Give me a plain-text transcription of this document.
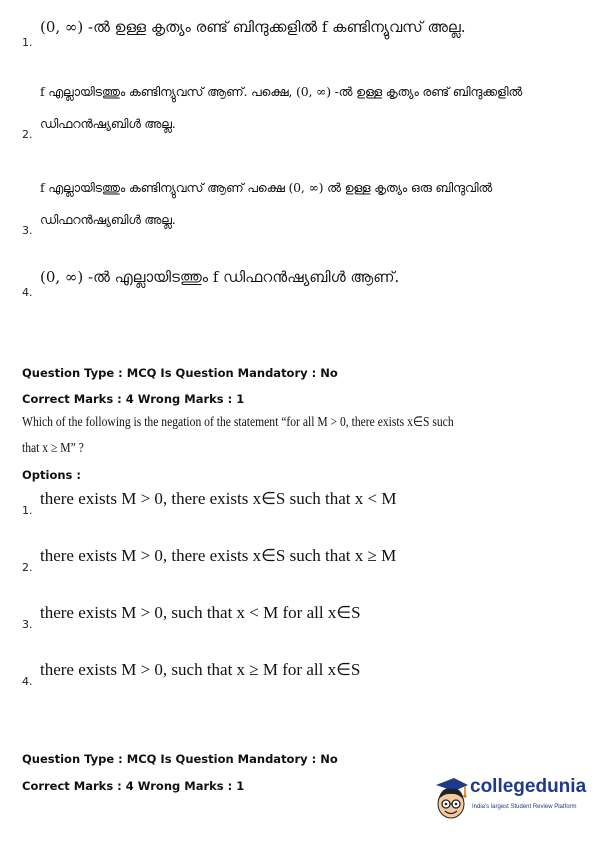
1.
(0, ∞) -ൽ ഉള്ള കൃത്യം രണ്ട് ബിന്ദുക്കളിൽ f കണ്ടിന്യുവസ് അല്ല.
f എല്ലായിടത്തും കണ്ടിന്യുവസ് ആണ്. പക്ഷെ, (0, ∞) -ൽ ഉള്ള കൃത്യം രണ്ട് ബിന്ദുക്കളിൽ
2.
ഡിഫറൻഷ്യബിൾ അല്ല.
f എല്ലായിടത്തും കണ്ടിന്യുവസ് ആണ് പക്ഷെ (0, ∞) ൽ ഉള്ള കൃത്യം ഒരു ബിന്ദുവിൽ
3.
ഡിഫറൻഷ്യബിൾ അല്ല.
4.
(0, ∞) -ൽ എല്ലായിടത്തും f ഡിഫറൻഷ്യബിൾ ആണ്.
Question Type : MCQ Is Question Mandatory : No
Correct Marks : 4 Wrong Marks : 1
Which of the following is the negation of the statement “for all M > 0, there exists x∈S such
that x ≥ M” ?
Options :
1.
there exists M > 0, there exists x∈S such that x < M
2.
there exists M > 0, there exists x∈S such that x ≥ M
3.
there exists M > 0, such that x < M for all x∈S
4.
there exists M > 0, such that x ≥ M for all x∈S
Question Type : MCQ Is Question Mandatory : No
Correct Marks : 4 Wrong Marks : 1	collegedunia
India's largest Student Review Platform
